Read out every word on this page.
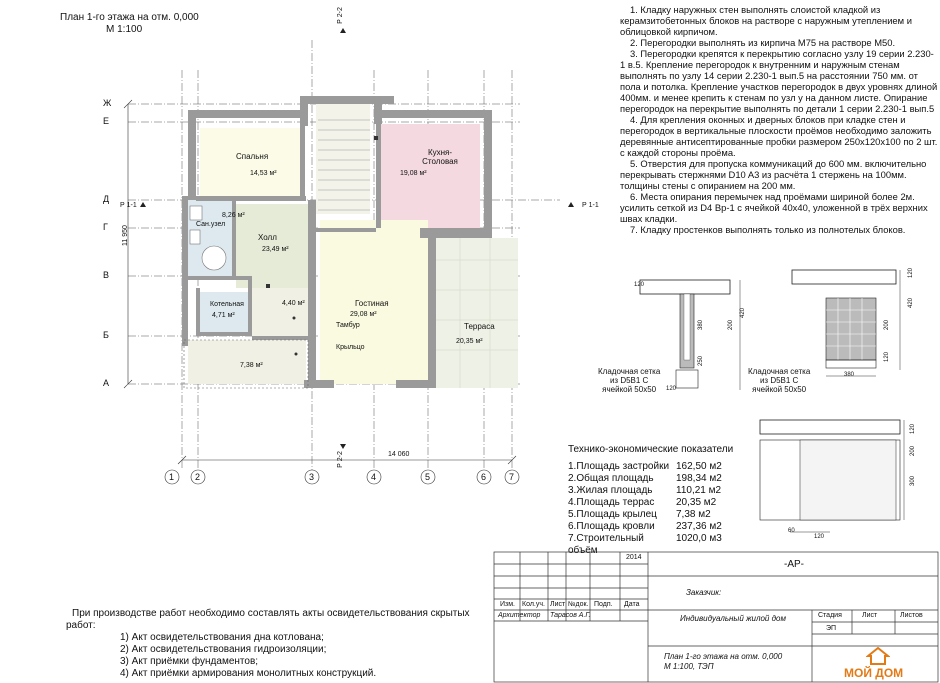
План 1-го этажа на отм. 0,000
М 1:100
Ж
Е
Д
Г
В
Б
А
1 2	3	4	5	6	7
14 060
11 950
Р 1-1	Р 1-1
Р 2-2
Р 2-2
Спальня
14,53 м²
Кухня-Столовая
19,08 м²
Сан.узел
8,26 м²
Холл
23,49 м²
Котельная
4,71 м²
Гостиная
29,08 м²
Тамбур
4,40 м²
Терраса
20,35 м²
Крыльцо
7,38 м²

1. Кладку наружных стен выполнять слоистой кладкой из керамзитобетонных блоков на растворе с наружным утеплением и облицовкой кирпичом.

2. Перегородки выполнять из кирпича М75 на растворе М50.

3. Перегородки крепятся к перекрытию согласно узлу 19 серии 2.230-1 в.5. Крепление перегородок к внутренним и наружным стенам выполнять по узлу 14 серии 2.230-1 вып.5 на расстоянии 750 мм. от пола и потолка. Крепление участков перегородок в двух уровнях длиной 400мм. и менее крепить к стенам по узл у на данном листе. Опирание перегородок на перекрытие выполнять по детали 1 серии 2.230-1 вып.5

4. Для крепления оконных и дверных блоков при кладке стен и перегородок в вертикальные плоскости проёмов необходимо заложить деревянные антисептированные пробки размером 250х120х100 по 2 шт. с каждой стороны проёма.

5. Отверстия для пропуска коммуникаций до 600 мм. включительно перекрывать стержнями D10 A3 из расчёта 1 стержень на 100мм. толщины стены с опиранием на 200 мм.

6. Места опирания перемычек над проёмами шириной более 2м. усилить сеткой из D4 Вр-1 с ячейкой 40х40, уложенной в трёх верхних швах кладки.

7. Кладку простенков выполнять только из полнотелых блоков.

Кладочная сетка
из D5В1 С
ячейкой 50х50
Кладочная сетка
из D5В1 С
ячейкой 50х50
120
380	200
250
420
120
380
200
120
420
120
120
200
300
60
120
Технико-экономические показатели
1.Площадь застройки 162,50 м2
2.Общая площадь	198,34 м2
3.Жилая площадь	110,21 м2
4.Площадь террас	20,35 м2
5.Площадь крылец	7,38 м2
6.Площадь кровли	237,36 м2
7.Строительный объём
1020,0 м3
При производстве работ необходимо составлять акты освидетельствования скрытых
работ:
1) Акт освидетельствования дна котлована;
2) Акт освидетельствования гидроизоляции;
3) Акт приёмки фундаментов;
4) Акт приёмки армирования монолитных конструкций.
2014
-АР-
Заказчик:
Изм. Кол.уч. Лист №док. Подп. Дата
Архитектор Тарасов А.Г.	Индивидуальный жилой дом	Стадия	Лист	Листов
ЭП
План 1-го этажа на отм. 0,000
М 1:100, ТЭП	МОЙ ДОМ
